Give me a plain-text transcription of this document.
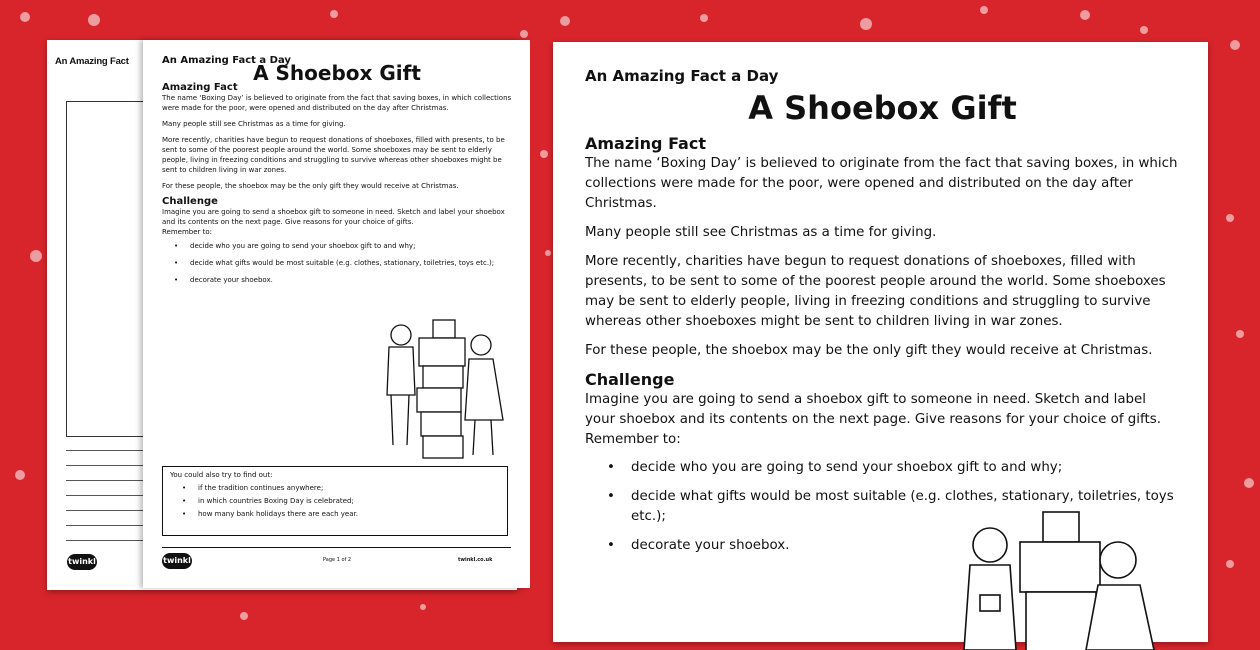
An Amazing Fact
twinkl
An Amazing Fact a Day
A Shoebox Gift
Amazing Fact

The name ‘Boxing Day’ is believed to originate from the fact that saving boxes, in which collections were made for the poor, were opened and distributed on the day after Christmas.

Many people still see Christmas as a time for giving.

More recently, charities have begun to request donations of shoeboxes, filled with presents, to be sent to some of the poorest people around the world. Some shoeboxes may be sent to elderly people, living in freezing conditions and struggling to survive whereas other shoeboxes might be sent to children living in war zones.

For these people, the shoebox may be the only gift they would receive at Christmas.

Challenge

Imagine you are going to send a shoebox gift to someone in need. Sketch and label your shoebox and its contents on the next page. Give reasons for your choice of gifts.

Remember to:

• decide who you are going to send your shoebox gift to and why;
• decide what gifts would be most suitable (e.g. clothes, stationary, toiletries, toys etc.);
• decorate your shoebox.

You could also try to find out:

• if the tradition continues anywhere;
• in which countries Boxing Day is celebrated;
• how many bank holidays there are each year.
twinkl	Page 1 of 2	twinkl.co.uk
An Amazing Fact a Day
A Shoebox Gift
Amazing Fact

The name ‘Boxing Day’ is believed to originate from the fact that saving boxes, in which collections were made for the poor, were opened and distributed on the day after Christmas.

Many people still see Christmas as a time for giving.

More recently, charities have begun to request donations of shoeboxes, filled with presents, to be sent to some of the poorest people around the world. Some shoeboxes may be sent to elderly people, living in freezing conditions and struggling to survive whereas other shoeboxes might be sent to children living in war zones.

For these people, the shoebox may be the only gift they would receive at Christmas.

Challenge

Imagine you are going to send a shoebox gift to someone in need. Sketch and label your shoebox and its contents on the next page. Give reasons for your choice of gifts.

Remember to:

• decide who you are going to send your shoebox gift to and why;
• decide what gifts would be most suitable (e.g. clothes, stationary, toiletries, toys etc.);
• decorate your shoebox.
